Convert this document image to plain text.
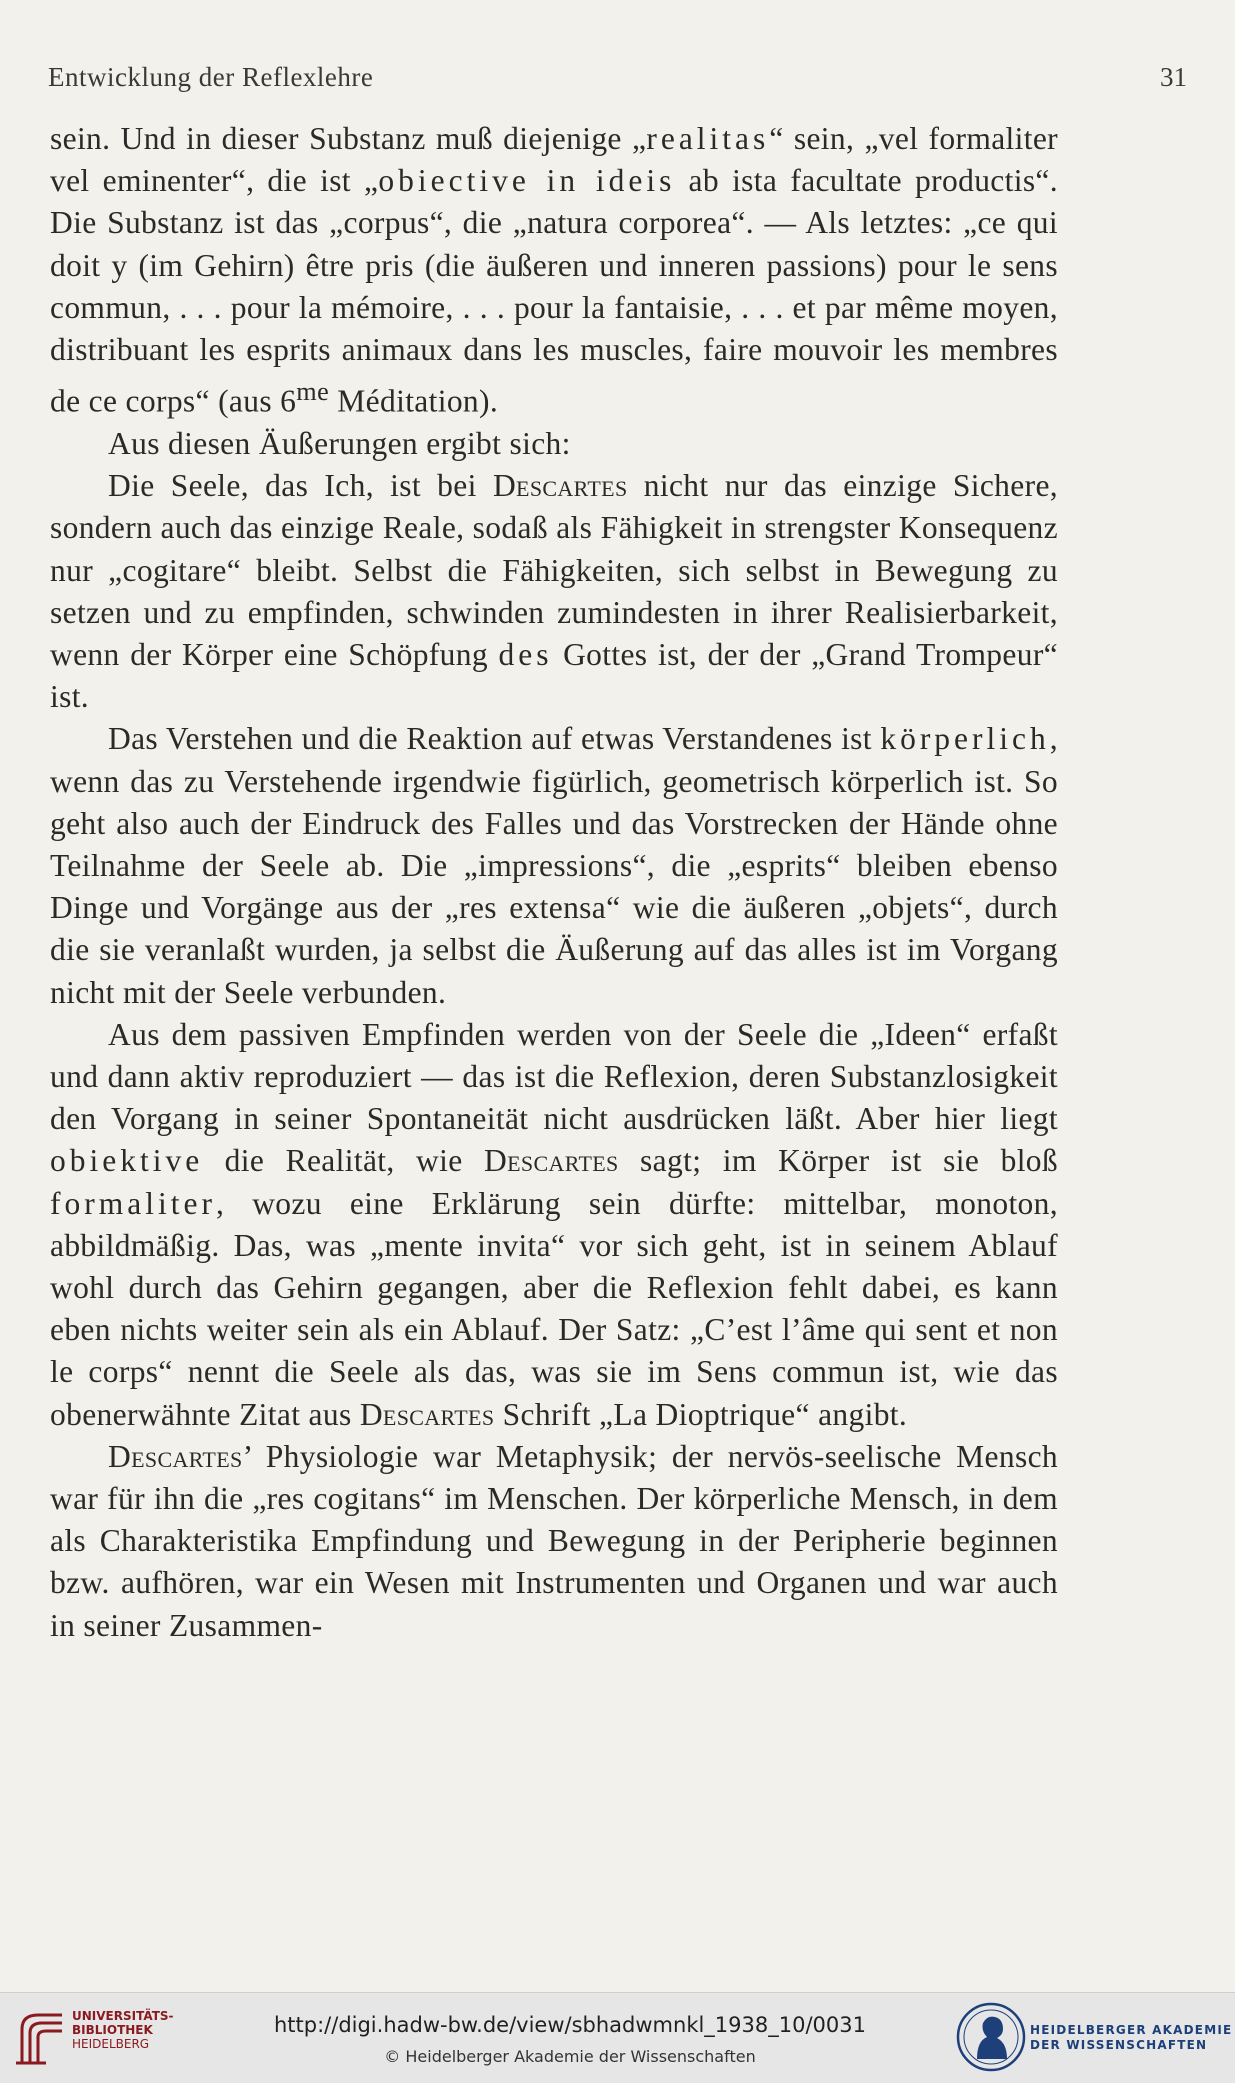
Entwicklung der Reflexlehre	31

sein. Und in dieser Substanz muß diejenige „realitas“ sein, „vel formaliter vel eminenter“, die ist „obiective in ideis ab ista facultate productis“. Die Substanz ist das „corpus“, die „natura corporea“. — Als letztes: „ce qui doit y (im Gehirn) être pris (die äußeren und inneren passions) pour le sens commun, . . . pour la mémoire, . . . pour la fantaisie, . . . et par même moyen, distribuant les esprits animaux dans les muscles, faire mouvoir les membres de ce corps“ (aus $6^{me}$ Méditation).

Aus diesen Äußerungen ergibt sich:

Die Seele, das Ich, ist bei Descartes nicht nur das einzige Sichere, sondern auch das einzige Reale, sodaß als Fähigkeit in strengster Konsequenz nur „cogitare“ bleibt. Selbst die Fähigkeiten, sich selbst in Bewegung zu setzen und zu empfinden, schwinden zumindesten in ihrer Realisierbarkeit, wenn der Körper eine Schöpfung des Gottes ist, der der „Grand Trompeur“ ist.

Das Verstehen und die Reaktion auf etwas Verstandenes ist körperlich, wenn das zu Verstehende irgendwie figürlich, geometrisch körperlich ist. So geht also auch der Eindruck des Falles und das Vorstrecken der Hände ohne Teilnahme der Seele ab. Die „impressions“, die „esprits“ bleiben ebenso Dinge und Vorgänge aus der „res extensa“ wie die äußeren „objets“, durch die sie veranlaßt wurden, ja selbst die Äußerung auf das alles ist im Vorgang nicht mit der Seele verbunden.

Aus dem passiven Empfinden werden von der Seele die „Ideen“ erfaßt und dann aktiv reproduziert — das ist die Reflexion, deren Substanzlosigkeit den Vorgang in seiner Spontaneität nicht ausdrücken läßt. Aber hier liegt obiektive die Realität, wie Descartes sagt; im Körper ist sie bloß formaliter, wozu eine Erklärung sein dürfte: mittelbar, monoton, abbildmäßig. Das, was „mente invita“ vor sich geht, ist in seinem Ablauf wohl durch das Gehirn gegangen, aber die Reflexion fehlt dabei, es kann eben nichts weiter sein als ein Ablauf. Der Satz: „C’est l’âme qui sent et non le corps“ nennt die Seele als das, was sie im Sens commun ist, wie das obenerwähnte Zitat aus Descartes Schrift „La Dioptrique“ angibt.

Descartes’ Physiologie war Metaphysik; der nervös-seelische Mensch war für ihn die „res cogitans“ im Menschen. Der körperliche Mensch, in dem als Charakteristika Empfindung und Bewegung in der Peripherie beginnen bzw. aufhören, war ein Wesen mit Instrumenten und Organen und war auch in seiner Zusammen-

UNIVERSITÄTS-
BIBLIOTHEK
HEIDELBERG
http://digi.hadw-bw.de/view/sbhadwmnkl_1938_10/0031
© Heidelberger Akademie der Wissenschaften
HEIDELBERGER AKADEMIE
DER WISSENSCHAFTEN
